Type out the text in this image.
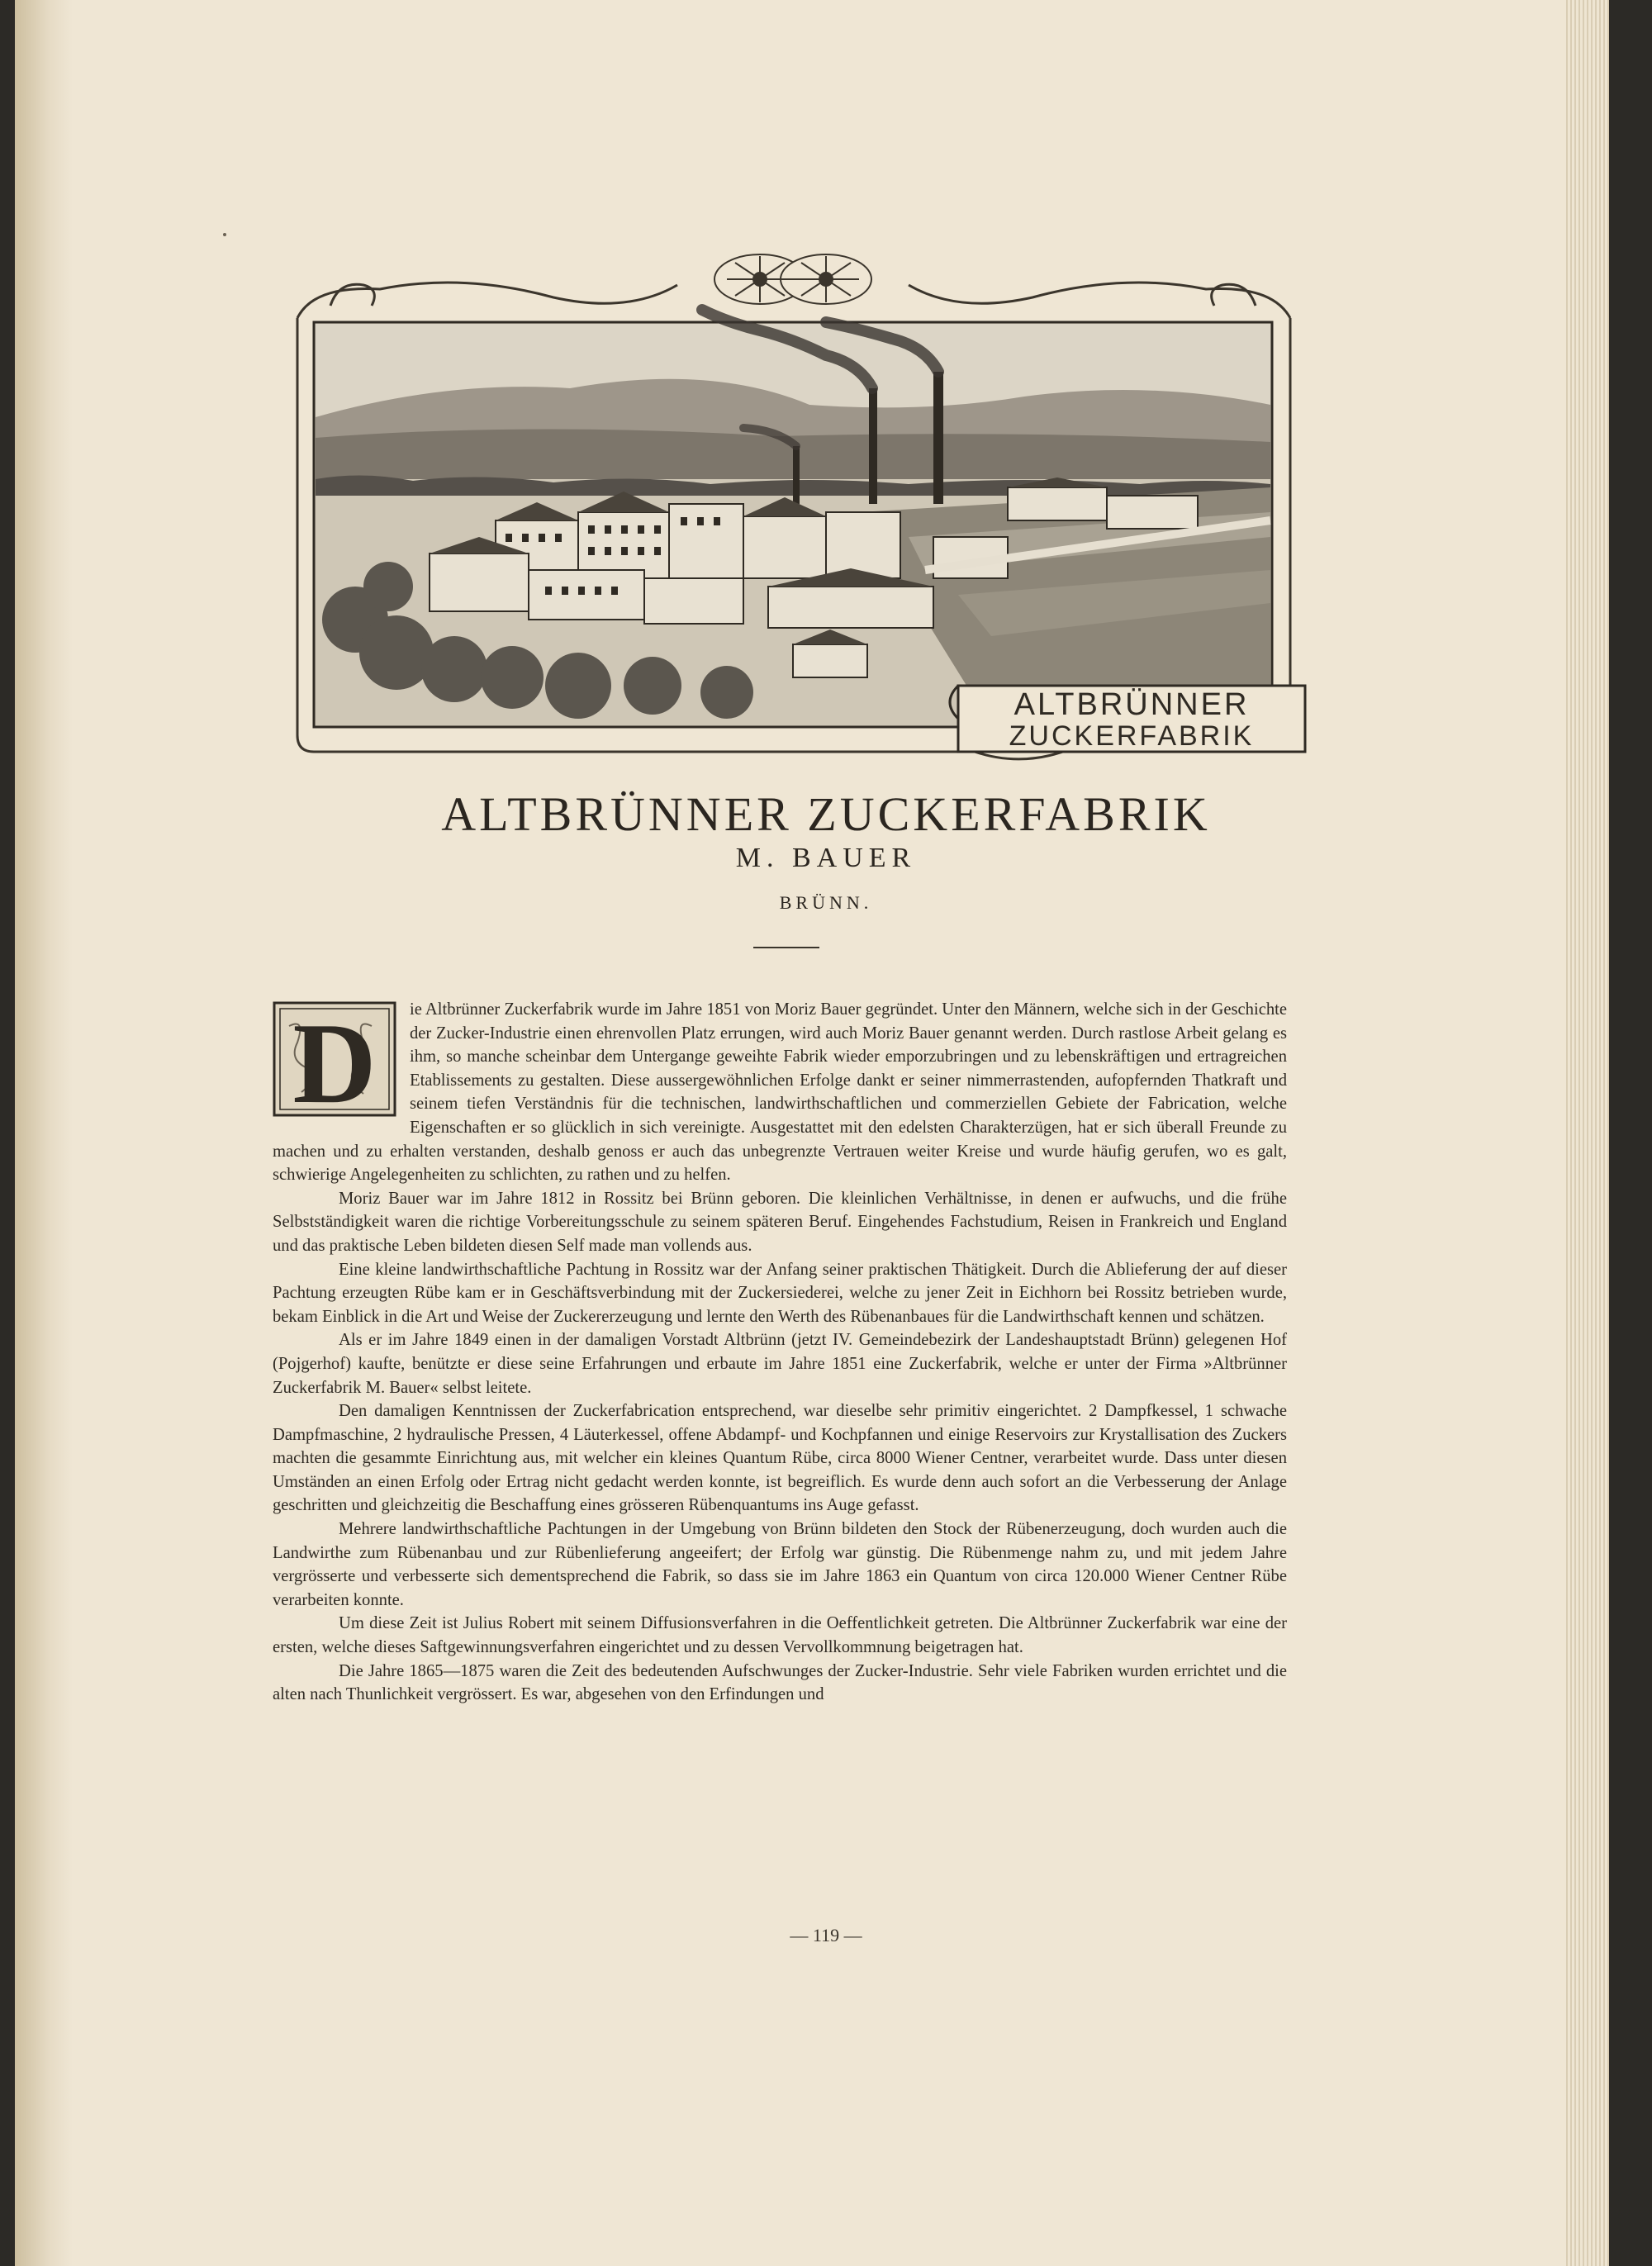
ALTBRÜNNER
ZUCKERFABRIK
ALTBRÜNNER ZUCKERFABRIK
M. BAUER
BRÜNN.
D	ie Altbrünner Zuckerfabrik wurde im Jahre 1851 von Moriz Bauer gegründet. Unter den Männern, welche sich in der Geschichte der Zucker-Industrie einen ehrenvollen Platz errungen, wird auch Moriz Bauer genannt werden. Durch rastlose Arbeit gelang es ihm, so manche scheinbar dem Untergange geweihte Fabrik wieder emporzubringen und zu lebenskräftigen und ertragreichen Etablissements zu gestalten. Diese aussergewöhnlichen Erfolge dankt er seiner nimmerrastenden, aufopfernden Thatkraft und seinem tiefen Verständnis für die technischen, landwirthschaftlichen und commerziellen Gebiete der Fabrication, welche Eigenschaften er so glücklich in sich vereinigte. Ausgestattet mit den edelsten Charakterzügen, hat er sich überall Freunde zu machen und zu erhalten verstanden, deshalb genoss er auch das unbegrenzte Vertrauen weiter Kreise und wurde häufig gerufen, wo es galt, schwierige Angelegenheiten zu schlichten, zu rathen und zu helfen.

Moriz Bauer war im Jahre 1812 in Rossitz bei Brünn geboren. Die kleinlichen Verhältnisse, in denen er aufwuchs, und die frühe Selbstständigkeit waren die richtige Vorbereitungsschule zu seinem späteren Beruf. Eingehendes Fachstudium, Reisen in Frankreich und England und das praktische Leben bildeten diesen Self made man vollends aus.

Eine kleine landwirthschaftliche Pachtung in Rossitz war der Anfang seiner praktischen Thätigkeit. Durch die Ablieferung der auf dieser Pachtung erzeugten Rübe kam er in Geschäftsverbindung mit der Zuckersiederei, welche zu jener Zeit in Eichhorn bei Rossitz betrieben wurde, bekam Einblick in die Art und Weise der Zuckererzeugung und lernte den Werth des Rübenanbaues für die Landwirthschaft kennen und schätzen.

Als er im Jahre 1849 einen in der damaligen Vorstadt Altbrünn (jetzt IV. Gemeindebezirk der Landeshauptstadt Brünn) gelegenen Hof (Pojgerhof) kaufte, benützte er diese seine Erfahrungen und erbaute im Jahre 1851 eine Zuckerfabrik, welche er unter der Firma »Altbrünner Zuckerfabrik M. Bauer« selbst leitete.

Den damaligen Kenntnissen der Zuckerfabrication entsprechend, war dieselbe sehr primitiv eingerichtet. 2 Dampfkessel, 1 schwache Dampfmaschine, 2 hydraulische Pressen, 4 Läuterkessel, offene Abdampf- und Kochpfannen und einige Reservoirs zur Krystallisation des Zuckers machten die gesammte Einrichtung aus, mit welcher ein kleines Quantum Rübe, circa 8000 Wiener Centner, verarbeitet wurde. Dass unter diesen Umständen an einen Erfolg oder Ertrag nicht gedacht werden konnte, ist begreiflich. Es wurde denn auch sofort an die Verbesserung der Anlage geschritten und gleichzeitig die Beschaffung eines grösseren Rübenquantums ins Auge gefasst.

Mehrere landwirthschaftliche Pachtungen in der Umgebung von Brünn bildeten den Stock der Rübenerzeugung, doch wurden auch die Landwirthe zum Rübenanbau und zur Rübenlieferung angeeifert; der Erfolg war günstig. Die Rübenmenge nahm zu, und mit jedem Jahre vergrösserte und verbesserte sich dementsprechend die Fabrik, so dass sie im Jahre 1863 ein Quantum von circa 120.000 Wiener Centner Rübe verarbeiten konnte.

Um diese Zeit ist Julius Robert mit seinem Diffusionsverfahren in die Oeffentlichkeit getreten. Die Altbrünner Zuckerfabrik war eine der ersten, welche dieses Saftgewinnungsverfahren eingerichtet und zu dessen Vervollkommnung beigetragen hat.

Die Jahre 1865—1875 waren die Zeit des bedeutenden Aufschwunges der Zucker-Industrie. Sehr viele Fabriken wurden errichtet und die alten nach Thunlichkeit vergrössert. Es war, abgesehen von den Erfindungen und

— 119 —
